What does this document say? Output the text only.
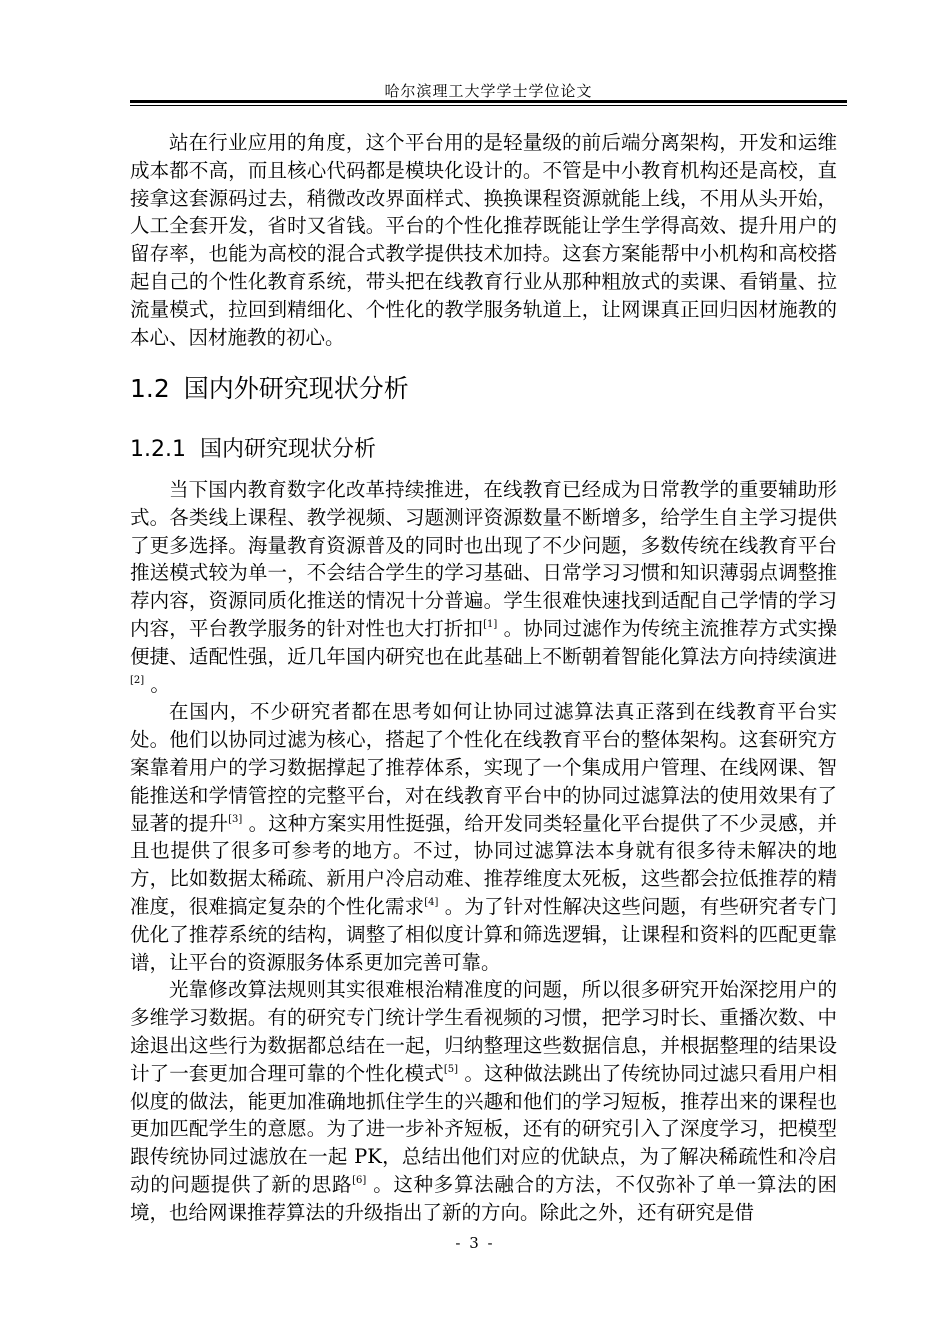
哈尔滨理工大学学士学位论文

站在行业应用的角度，这个平台用的是轻量级的前后端分离架构，开发和运维成本都不高，而且核心代码都是模块化设计的。不管是中小教育机构还是高校，直接拿这套源码过去，稍微改改界面样式、换换课程资源就能上线，不用从头开始，人工全套开发，省时又省钱。平台的个性化推荐既能让学生学得高效、提升用户的留存率，也能为高校的混合式教学提供技术加持。这套方案能帮中小机构和高校搭起自己的个性化教育系统，带头把在线教育行业从那种粗放式的卖课、看销量、拉流量模式，拉回到精细化、个性化的教学服务轨道上，让网课真正回归因材施教的本心、因材施教的初心。

1.2 国内外研究现状分析
1.2.1 国内研究现状分析

当下国内教育数字化改革持续推进，在线教育已经成为日常教学的重要辅助形式。各类线上课程、教学视频、习题测评资源数量不断增多，给学生自主学习提供了更多选择。海量教育资源普及的同时也出现了不少问题，多数传统在线教育平台推送模式较为单一，不会结合学生的学习基础、日常学习习惯和知识薄弱点调整推荐内容，资源同质化推送的情况十分普遍。学生很难快速找到适配自己学情的学习内容，平台教学服务的针对性也大打折扣[1] 。协同过滤作为传统主流推荐方式实操便捷、适配性强，近几年国内研究也在此基础上不断朝着智能化算法方向持续演进[2] 。

在国内，不少研究者都在思考如何让协同过滤算法真正落到在线教育平台实处。他们以协同过滤为核心，搭起了个性化在线教育平台的整体架构。这套研究方案靠着用户的学习数据撑起了推荐体系，实现了一个集成用户管理、在线网课、智能推送和学情管控的完整平台，对在线教育平台中的协同过滤算法的使用效果有了显著的提升[3] 。这种方案实用性挺强，给开发同类轻量化平台提供了不少灵感，并且也提供了很多可参考的地方。不过，协同过滤算法本身就有很多待未解决的地方，比如数据太稀疏、新用户冷启动难、推荐维度太死板，这些都会拉低推荐的精准度，很难搞定复杂的个性化需求[4] 。为了针对性解决这些问题，有些研究者专门优化了推荐系统的结构，调整了相似度计算和筛选逻辑，让课程和资料的匹配更靠谱，让平台的资源服务体系更加完善可靠。

光靠修改算法规则其实很难根治精准度的问题，所以很多研究开始深挖用户的多维学习数据。有的研究专门统计学生看视频的习惯，把学习时长、重播次数、中途退出这些行为数据都总结在一起，归纳整理这些数据信息，并根据整理的结果设计了一套更加合理可靠的个性化模式[5] 。这种做法跳出了传统协同过滤只看用户相似度的做法，能更加准确地抓住学生的兴趣和他们的学习短板，推荐出来的课程也更加匹配学生的意愿。为了进一步补齐短板，还有的研究引入了深度学习，把模型跟传统协同过滤放在一起 PK，总结出他们对应的优缺点，为了解决稀疏性和冷启动的问题提供了新的思路[6] 。这种多算法融合的方法，不仅弥补了单一算法的困境，也给网课推荐算法的升级指出了新的方向。除此之外，还有研究是借

- 3 -
